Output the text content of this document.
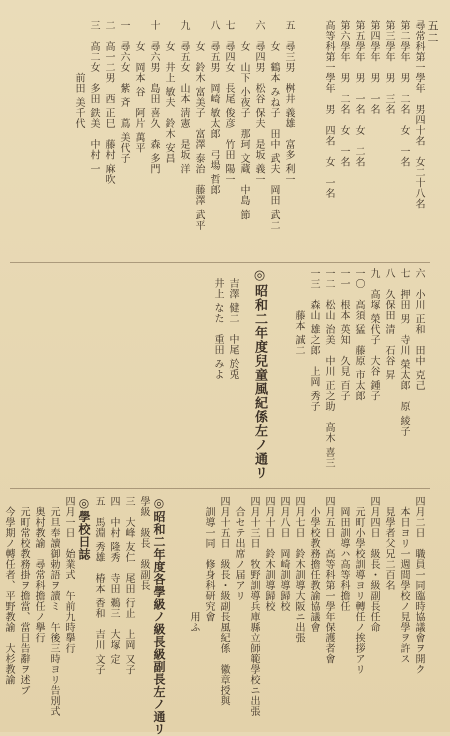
五二
尋常科第一學年　男四十名　女二十八名
第二學年　男　二名　女　一名
第三學年　男　三名
第四學年　男　一名
第五學年　男　一名　女　二名
第六學年　男　二名　女　一名
高等科第一學年　男　四名　女　一名
五　尋三男　桝井 義雄　富多 利一
　　女　鶴本 みね子　田中 武夫　岡田 武二
六　尋四男　松谷 保夫　是坂 義一
　　女　山下 小夜子　那珂 文蔵　中島 節
七　尋四女　長尾 俊彦　竹田 陽一
八　尋五男　岡崎 敏太郎　弓場 哲郎
　　女　鈴木 富美子　富澤 泰治　藤澤 武平
九　尋五女　山本 淸憲　是坂 洋
　　女　井上 敏夫　鈴木 安昌
十　尋六男　島田 喜久　森 多門
　　女　岡本 谷　阿片 萬平
一　尋六女　紫 斉　蔦 美代子
二　高一二男　西 正巳　藤村 麻吹
三　高二女　多田 鉄美　中村 一
　　　　　前田 美千代
六　小川 正和　田中 克己
七　押田 男　寺川 榮太郎　原 綾子
八　久保田 清　石谷 昇
九　高塚 榮代子　大谷 鍾子
一〇　高須 猛　藤原 市太郎
一一　根本 英知　久見 百子
一二　松山 治美　中川 正之助　高木 喜三
一三　森山 雄之郎　上岡 秀子
　　　　藤本 誠二
◎昭和二年度兒童風紀係左ノ通リ
吉澤 健二　中尾 於兎
井上 なた　重田 みよ
四月二日　職員一同臨時協議會ヲ開ク
　本日ヨリ一週間學校ノ見學ヲ許ス
　見學者父兄二百名
四月四日　級長・級副長任命
　元町小學校訓導ヨリ轉任ノ挨拶アリ
　岡田訓導ハ高等科擔任
四月五日　高等科第一學年保護者會
　小學校教務擔任教諭協議會
四月七日　鈴木訓導大阪ニ出張
四月八日　岡崎訓導歸校
四月十日　鈴木訓導歸校
四月十三日　牧野訓導兵庫縣立師範學校ニ出張
　合セテ出席ノ届アリ
四月十五日　級長・級副長風紀係　徽章授與
　訓導一同　修身科研究會
　　　　　　　　　　　用ふ
◎昭和二年度各學級ノ級長級副長左ノ通リ
學級　級長　級副長
三　大峰 友仁　尾田 行止　上岡 又子
四　中村 隆秀　寺田 鵜三　大塚 定
五　馬淵 秀雄　椿本 香和　吉川 文子
◎學校日誌
四月一日　始業式　午前九時擧行
　元旦奉讀御勅語ヲ讀ミ　午後三時ヨリ告別式
　奥村教諭　尋常科擔任ノ擧行
　元町常校教務掛ヲ擔當、當日告辭ヲ述ブ
　今學期ノ轉任者、平野教諭　大杉教諭
